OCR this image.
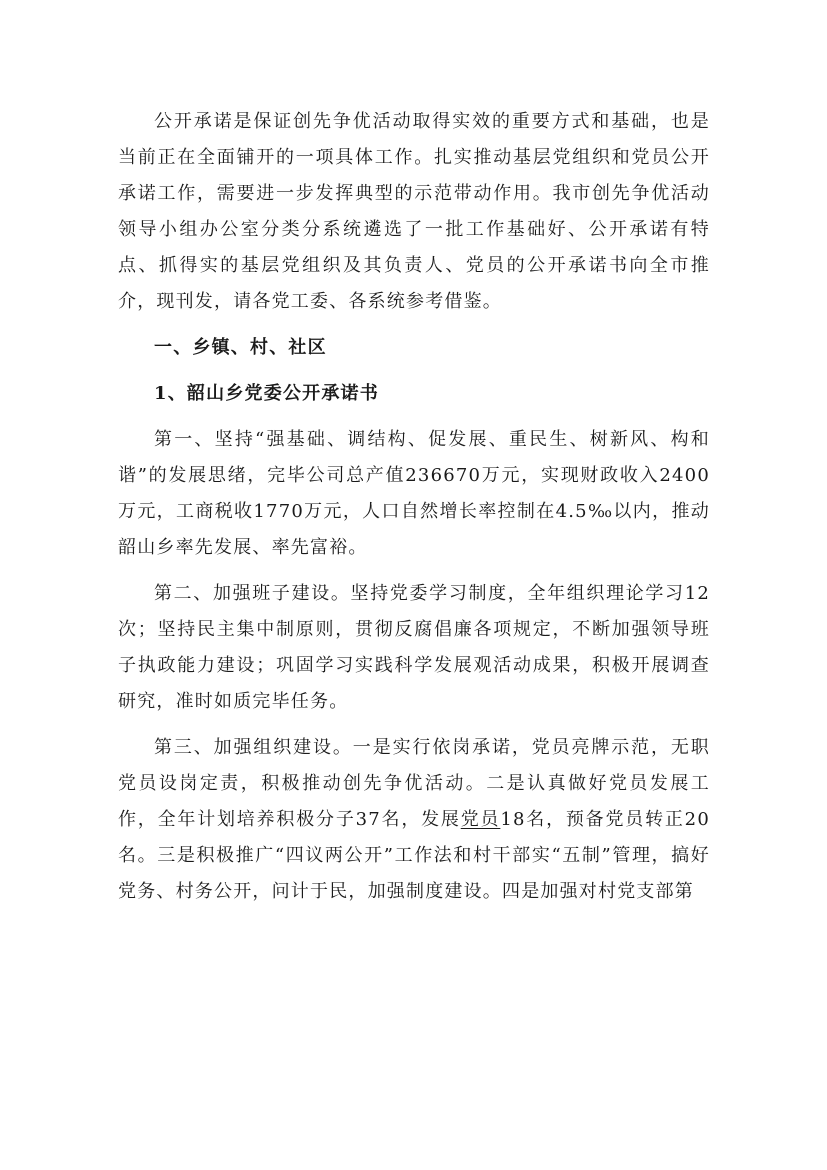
公开承诺是保证创先争优活动取得实效的重要方式和基础，也是当前正在全面铺开的一项具体工作。扎实推动基层党组织和党员公开承诺工作，需要进一步发挥典型的示范带动作用。我市创先争优活动领导小组办公室分类分系统遴选了一批工作基础好、公开承诺有特点、抓得实的基层党组织及其负责人、党员的公开承诺书向全市推介，现刊发，请各党工委、各系统参考借鉴。

一、乡镇、村、社区

1、韶山乡党委公开承诺书

第一、坚持“强基础、调结构、促发展、重民生、树新风、构和谐”的发展思绪，完毕公司总产值236670万元，实现财政收入2400万元，工商税收1770万元，人口自然增长率控制在4.5‰以内，推动韶山乡率先发展、率先富裕。

第二、加强班子建设。坚持党委学习制度，全年组织理论学习12次；坚持民主集中制原则，贯彻反腐倡廉各项规定，不断加强领导班子执政能力建设；巩固学习实践科学发展观活动成果，积极开展调查研究，准时如质完毕任务。

第三、加强组织建设。一是实行依岗承诺，党员亮牌示范，无职党员设岗定责，积极推动创先争优活动。二是认真做好党员发展工作，全年计划培养积极分子37名，发展党员18名，预备党员转正20名。三是积极推广“四议两公开”工作法和村干部实“五制”管理，搞好党务、村务公开，问计于民，加强制度建设。四是加强对村党支部第
